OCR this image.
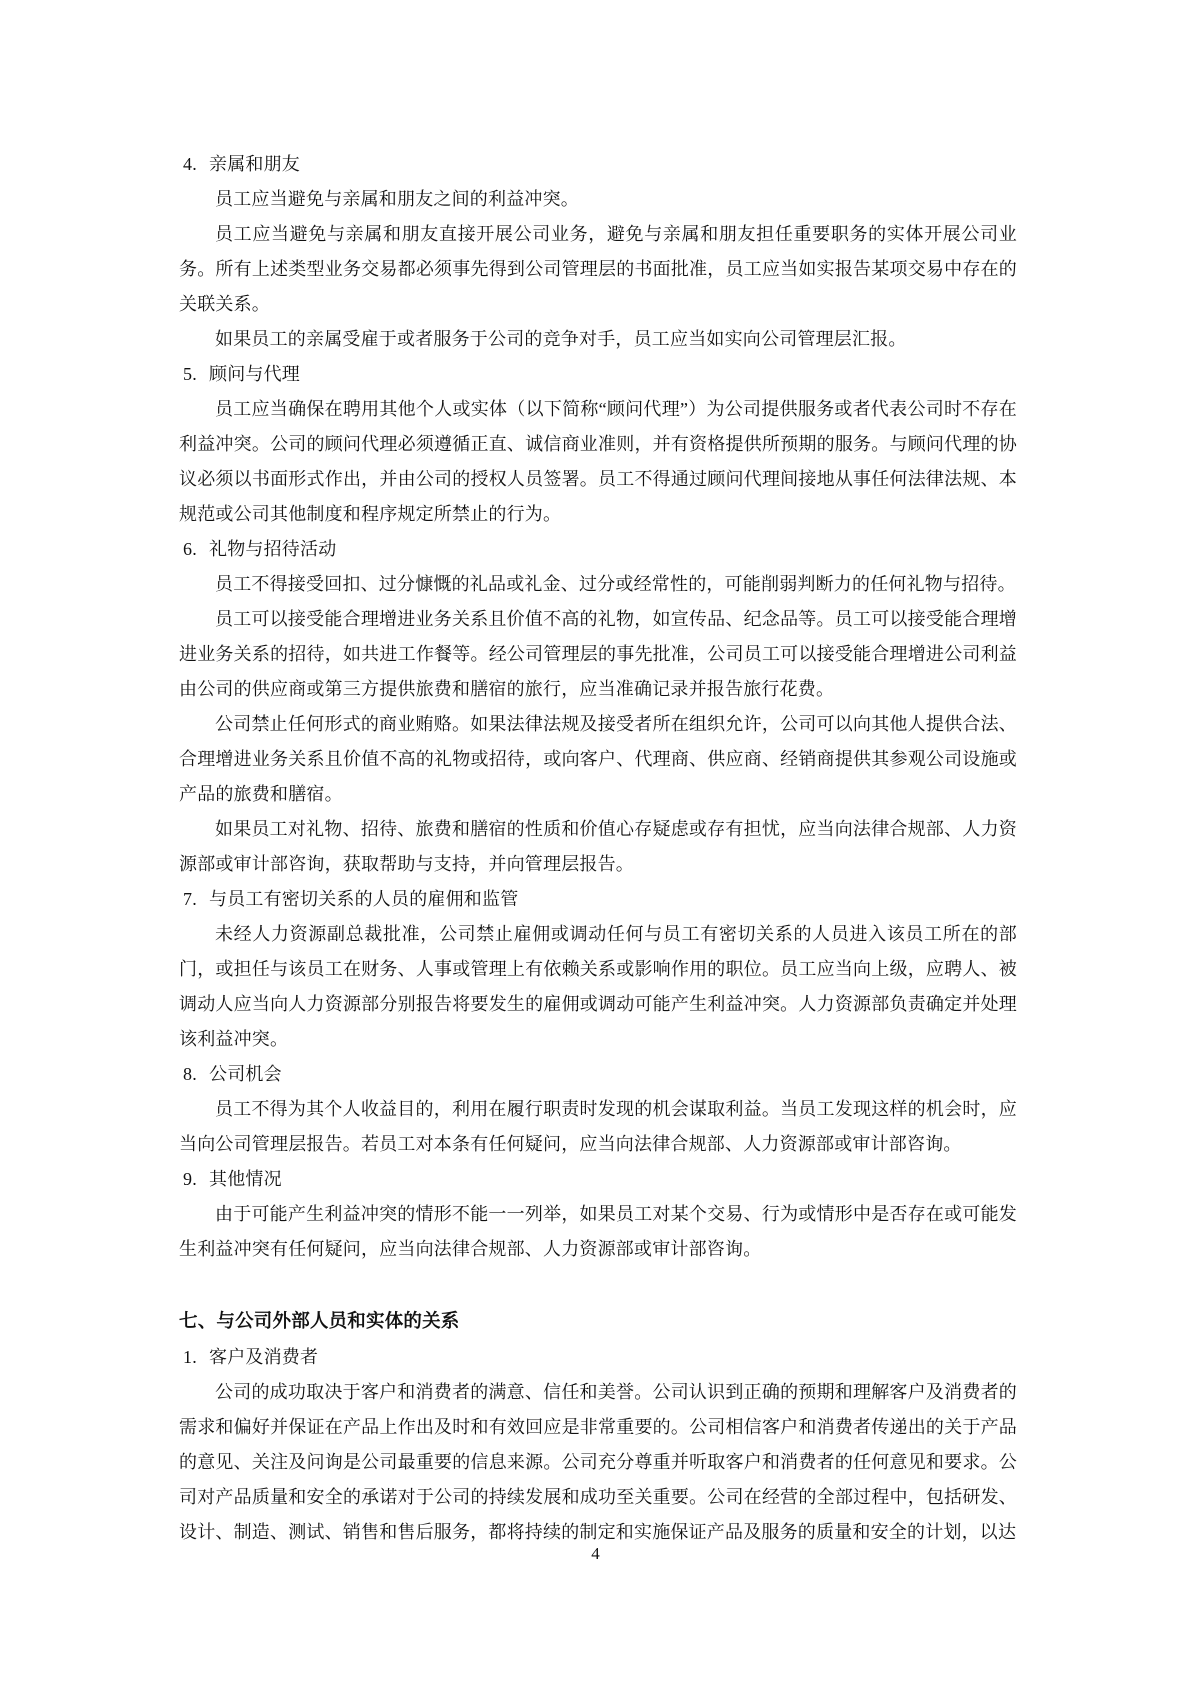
4. 亲属和朋友

员工应当避免与亲属和朋友之间的利益冲突。

员工应当避免与亲属和朋友直接开展公司业务，避免与亲属和朋友担任重要职务的实体开展公司业务。所有上述类型业务交易都必须事先得到公司管理层的书面批准，员工应当如实报告某项交易中存在的关联关系。

如果员工的亲属受雇于或者服务于公司的竞争对手，员工应当如实向公司管理层汇报。

5. 顾问与代理

员工应当确保在聘用其他个人或实体（以下简称“顾问代理”）为公司提供服务或者代表公司时不存在利益冲突。公司的顾问代理必须遵循正直、诚信商业准则，并有资格提供所预期的服务。与顾问代理的协议必须以书面形式作出，并由公司的授权人员签署。员工不得通过顾问代理间接地从事任何法律法规、本规范或公司其他制度和程序规定所禁止的行为。

6. 礼物与招待活动

员工不得接受回扣、过分慷慨的礼品或礼金、过分或经常性的，可能削弱判断力的任何礼物与招待。

员工可以接受能合理增进业务关系且价值不高的礼物，如宣传品、纪念品等。员工可以接受能合理增进业务关系的招待，如共进工作餐等。经公司管理层的事先批准，公司员工可以接受能合理增进公司利益由公司的供应商或第三方提供旅费和膳宿的旅行，应当准确记录并报告旅行花费。

公司禁止任何形式的商业贿赂。如果法律法规及接受者所在组织允许，公司可以向其他人提供合法、合理增进业务关系且价值不高的礼物或招待，或向客户、代理商、供应商、经销商提供其参观公司设施或产品的旅费和膳宿。

如果员工对礼物、招待、旅费和膳宿的性质和价值心存疑虑或存有担忧，应当向法律合规部、人力资源部或审计部咨询，获取帮助与支持，并向管理层报告。

7. 与员工有密切关系的人员的雇佣和监管

未经人力资源副总裁批准，公司禁止雇佣或调动任何与员工有密切关系的人员进入该员工所在的部门，或担任与该员工在财务、人事或管理上有依赖关系或影响作用的职位。员工应当向上级，应聘人、被调动人应当向人力资源部分别报告将要发生的雇佣或调动可能产生利益冲突。人力资源部负责确定并处理该利益冲突。

8. 公司机会

员工不得为其个人收益目的，利用在履行职责时发现的机会谋取利益。当员工发现这样的机会时，应当向公司管理层报告。若员工对本条有任何疑问，应当向法律合规部、人力资源部或审计部咨询。

9. 其他情况

由于可能产生利益冲突的情形不能一一列举，如果员工对某个交易、行为或情形中是否存在或可能发生利益冲突有任何疑问，应当向法律合规部、人力资源部或审计部咨询。

七、与公司外部人员和实体的关系
1. 客户及消费者

公司的成功取决于客户和消费者的满意、信任和美誉。公司认识到正确的预期和理解客户及消费者的需求和偏好并保证在产品上作出及时和有效回应是非常重要的。公司相信客户和消费者传递出的关于产品的意见、关注及问询是公司最重要的信息来源。公司充分尊重并听取客户和消费者的任何意见和要求。公司对产品质量和安全的承诺对于公司的持续发展和成功至关重要。公司在经营的全部过程中，包括研发、设计、制造、测试、销售和售后服务，都将持续的制定和实施保证产品及服务的质量和安全的计划，以达

4
